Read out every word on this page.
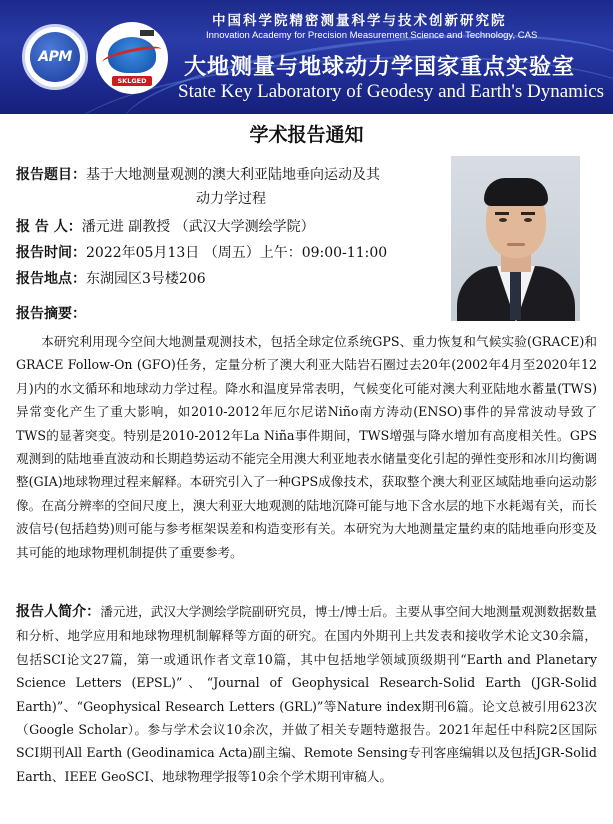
APM
SKLGED
中国科学院精密测量科学与技术创新研究院
Innovation Academy for Precision Measurement Science and Technology, CAS
大地测量与地球动力学国家重点实验室
State Key Laboratory of Geodesy and Earth's Dynamics
学术报告通知
报告题目：基于大地测量观测的澳大利亚陆地垂向运动及其
动力学过程
报 告 人：潘元进 副教授 （武汉大学测绘学院）
报告时间：2022年05月13日 （周五）上午：09:00-11:00
报告地点：东湖园区3号楼206
报告摘要：
本研究利用现今空间大地测量观测技术，包括全球定位系统GPS、重力恢复和气候实验(GRACE)和GRACE Follow-On (GFO)任务，定量分析了澳大利亚大陆岩石圈过去20年(2002年4月至2020年12月)内的水文循环和地球动力学过程。降水和温度异常表明，气候变化可能对澳大利亚陆地水蓄量(TWS)异常变化产生了重大影响，如2010-2012年厄尔尼诺Niño南方涛动(ENSO)事件的异常波动导致了TWS的显著突变。特别是2010-2012年La Niña事件期间，TWS增强与降水增加有高度相关性。GPS观测到的陆地垂直波动和长期趋势运动不能完全用澳大利亚地表水储量变化引起的弹性变形和冰川均衡调整(GIA)地球物理过程来解释。本研究引入了一种GPS成像技术，获取整个澳大利亚区域陆地垂向运动影像。在高分辨率的空间尺度上，澳大利亚大地观测的陆地沉降可能与地下含水层的地下水耗竭有关，而长波信号(包括趋势)则可能与参考框架误差和构造变形有关。本研究为大地测量定量约束的陆地垂向形变及其可能的地球物理机制提供了重要参考。
报告人简介：潘元进，武汉大学测绘学院副研究员，博士/博士后。主要从事空间大地测量观测数据数量和分析、地学应用和地球物理机制解释等方面的研究。在国内外期刊上共发表和接收学术论文30余篇，包括SCI论文27篇，第一或通讯作者文章10篇，其中包括地学领域顶级期刊“Earth and Planetary Science Letters (EPSL)”、“Journal of Geophysical Research-Solid Earth (JGR-Solid Earth)”、“Geophysical Research Letters (GRL)”等Nature index期刊6篇。论文总被引用623次（Google Scholar）。参与学术会议10余次，并做了相关专题特邀报告。2021年起任中科院2区国际SCI期刊All Earth (Geodinamica Acta)副主编、Remote Sensing专刊客座编辑以及包括JGR-Solid Earth、IEEE GeoSCI、地球物理学报等10余个学术期刊审稿人。
